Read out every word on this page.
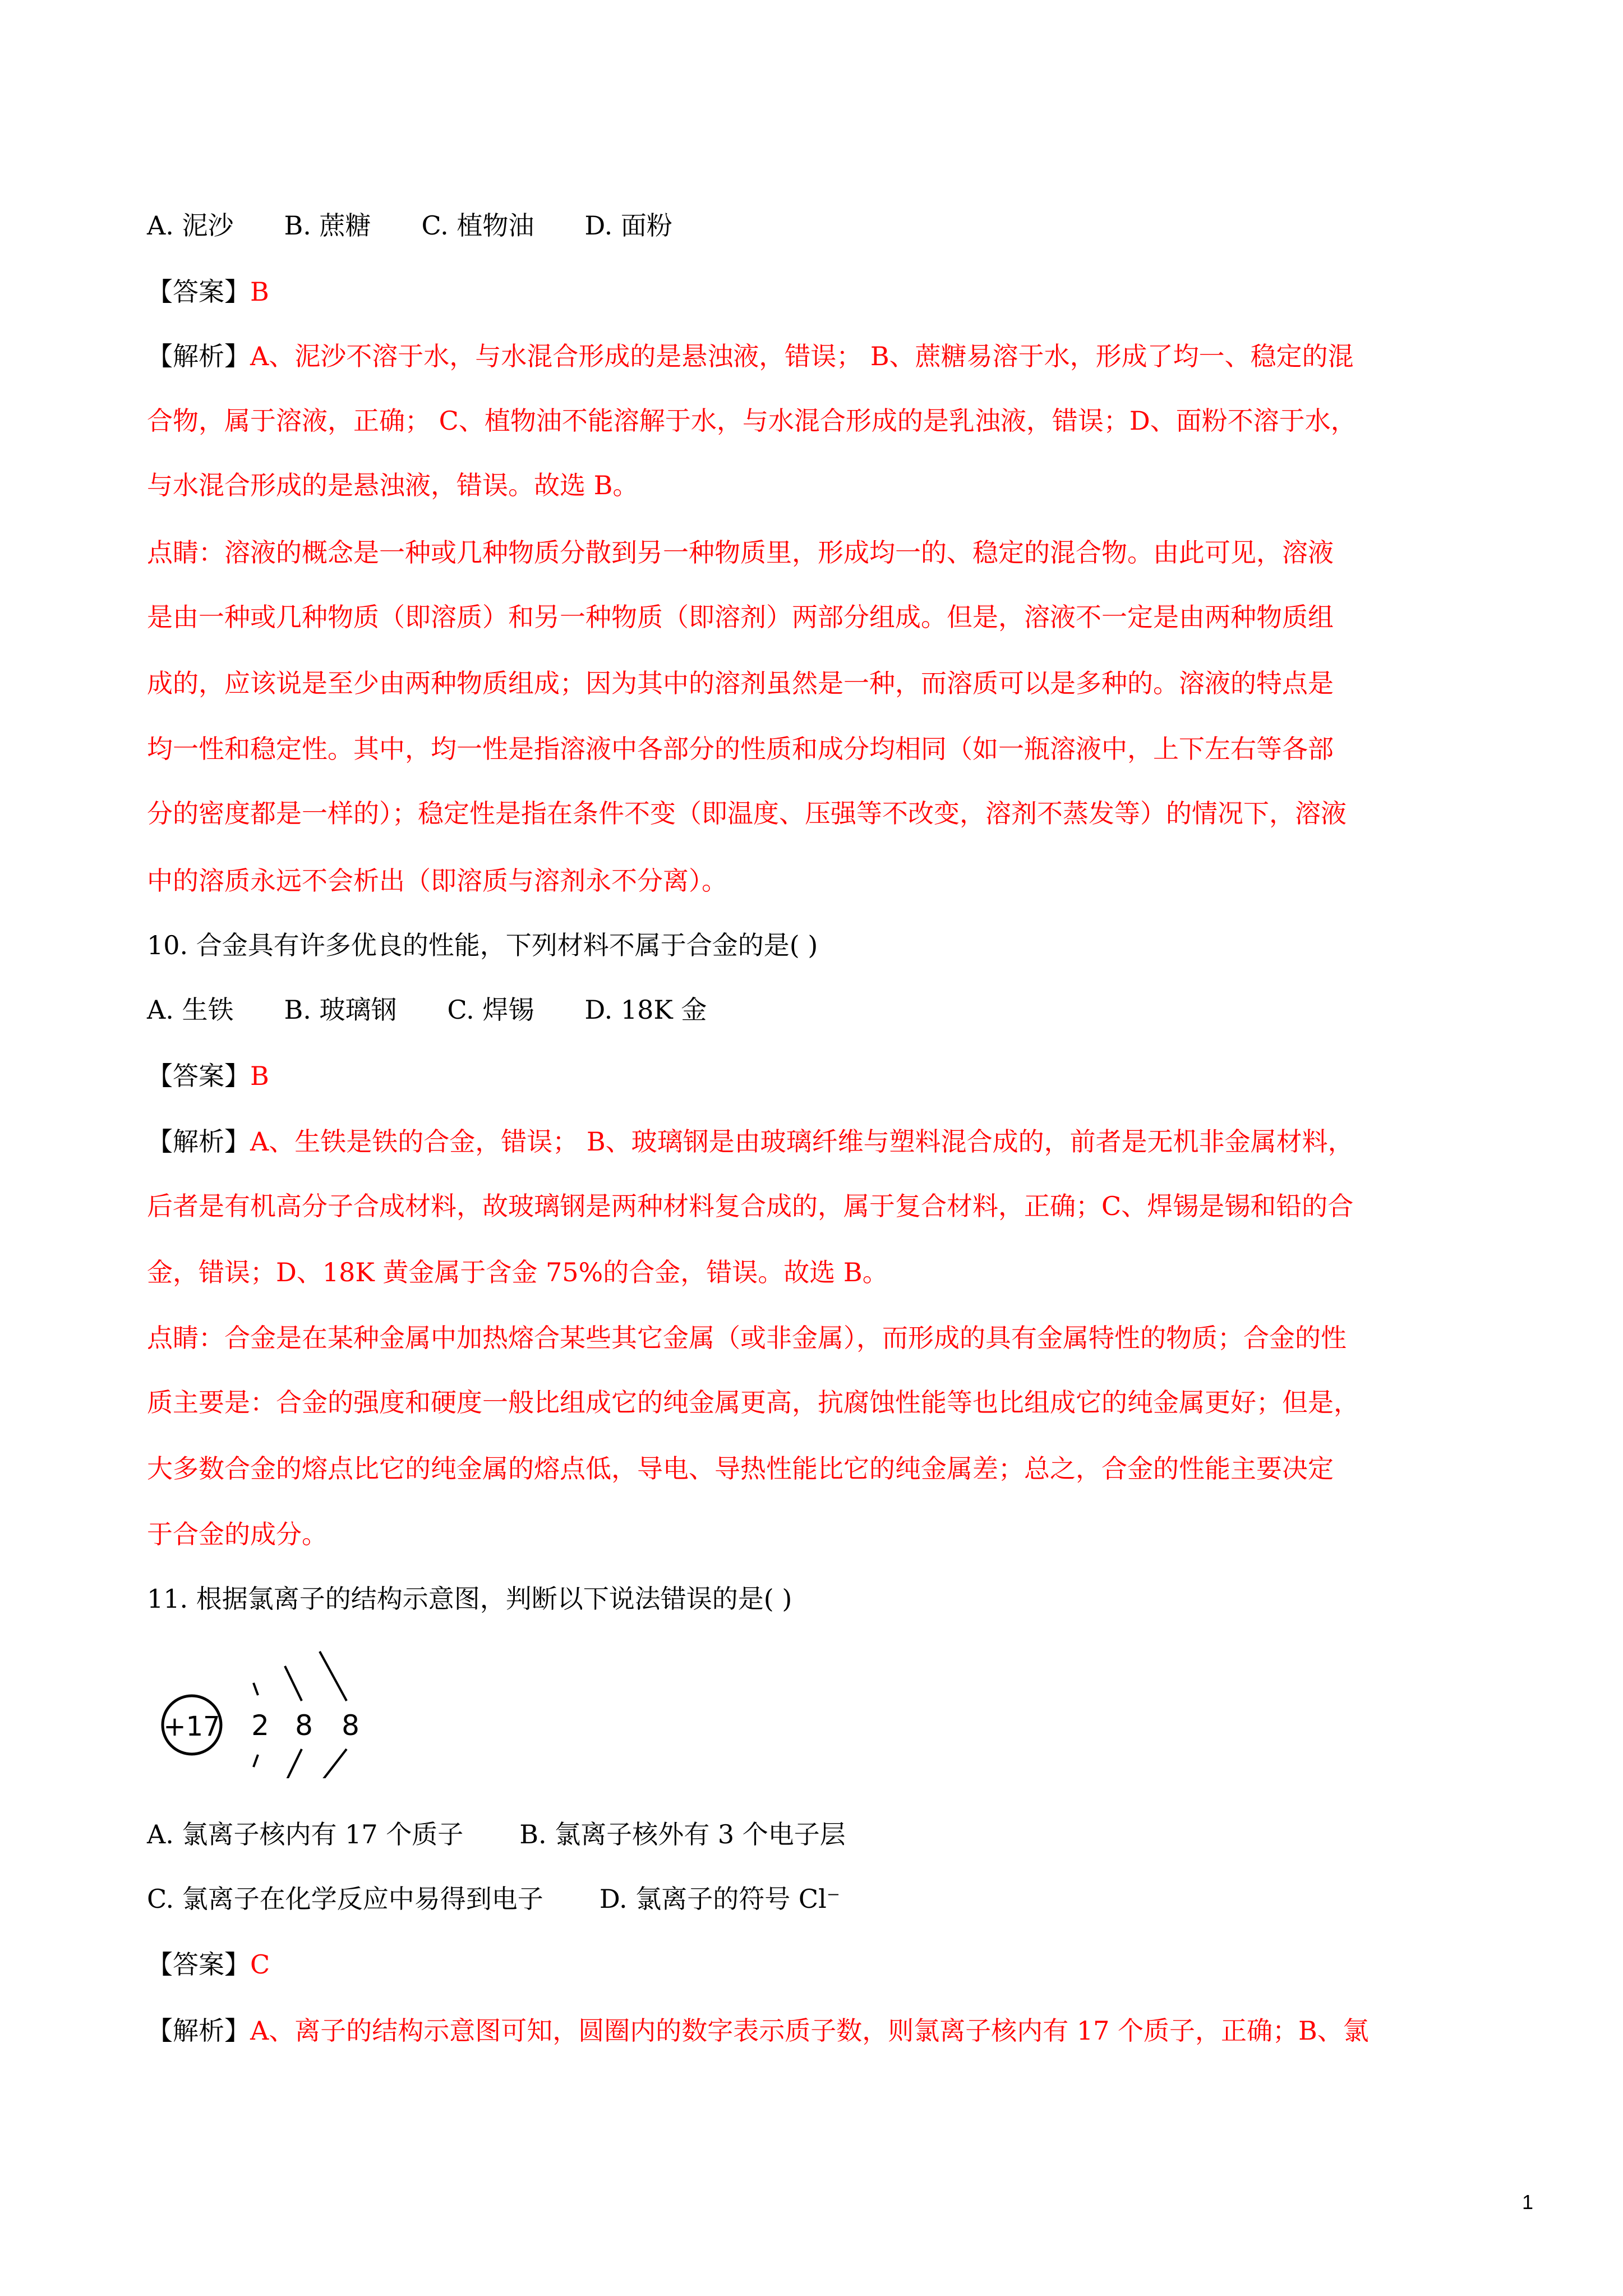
A. 泥沙 B. 蔗糖 C. 植物油 D. 面粉
【答案】B
【解析】A、泥沙不溶于水，与水混合形成的是悬浊液，错误； B、蔗糖易溶于水，形成了均一、稳定的混
合物，属于溶液，正确； C、植物油不能溶解于水，与水混合形成的是乳浊液，错误；D、面粉不溶于水，
与水混合形成的是悬浊液，错误。故选 B。
点睛：溶液的概念是一种或几种物质分散到另一种物质里，形成均一的、稳定的混合物。由此可见，溶液
是由一种或几种物质（即溶质）和另一种物质（即溶剂）两部分组成。但是，溶液不一定是由两种物质组
成的，应该说是至少由两种物质组成；因为其中的溶剂虽然是一种，而溶质可以是多种的。溶液的特点是
均一性和稳定性。其中，均一性是指溶液中各部分的性质和成分均相同（如一瓶溶液中，上下左右等各部
分的密度都是一样的）；稳定性是指在条件不变（即温度、压强等不改变，溶剂不蒸发等）的情况下，溶液
中的溶质永远不会析出（即溶质与溶剂永不分离）。
10. 合金具有许多优良的性能，下列材料不属于合金的是( )
A. 生铁 B. 玻璃钢 C. 焊锡 D. 18K 金
【答案】B
【解析】A、生铁是铁的合金，错误； B、玻璃钢是由玻璃纤维与塑料混合成的，前者是无机非金属材料，
后者是有机高分子合成材料，故玻璃钢是两种材料复合成的，属于复合材料，正确；C、焊锡是锡和铅的合
金，错误；D、18K 黄金属于含金 75%的合金，错误。故选 B。
点睛：合金是在某种金属中加热熔合某些其它金属（或非金属），而形成的具有金属特性的物质；合金的性
质主要是：合金的强度和硬度一般比组成它的纯金属更高，抗腐蚀性能等也比组成它的纯金属更好；但是，
大多数合金的熔点比它的纯金属的熔点低，导电、导热性能比它的纯金属差；总之，合金的性能主要决定
于合金的成分。
11. 根据氯离子的结构示意图，判断以下说法错误的是( )
+17 2 8 8
A. 氯离子核内有 17 个质子 B. 氯离子核外有 3 个电子层
C. 氯离子在化学反应中易得到电子 D. 氯离子的符号 Cl⁻
【答案】C
【解析】A、离子的结构示意图可知，圆圈内的数字表示质子数，则氯离子核内有 17 个质子，正确；B、氯
1
